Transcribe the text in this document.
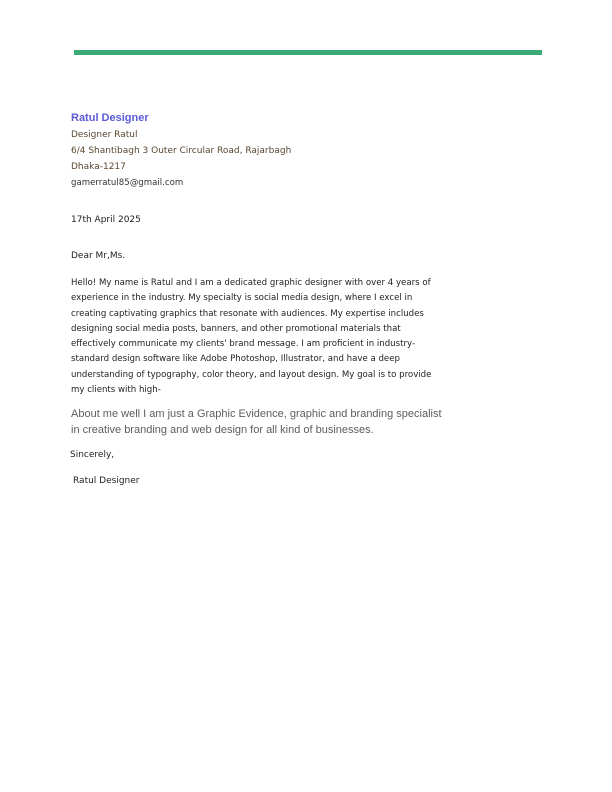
Ratul Designer
Designer Ratul
6/4 Shantibagh 3 Outer Circular Road, Rajarbagh
Dhaka-1217
gamerratul85@gmail.com
17th April 2025
Dear Mr,Ms.
Hello! My name is Ratul and I am a dedicated graphic designer with over 4 years of
experience in the industry. My specialty is social media design, where I excel in
creating captivating graphics that resonate with audiences. My expertise includes
designing social media posts, banners, and other promotional materials that
effectively communicate my clients' brand message. I am proficient in industry-
standard design software like Adobe Photoshop, Illustrator, and have a deep
understanding of typography, color theory, and layout design. My goal is to provide
my clients with high-
About me well I am just a Graphic Evidence, graphic and branding specialist
in creative branding and web design for all kind of businesses.
Sincerely,
Ratul Designer
